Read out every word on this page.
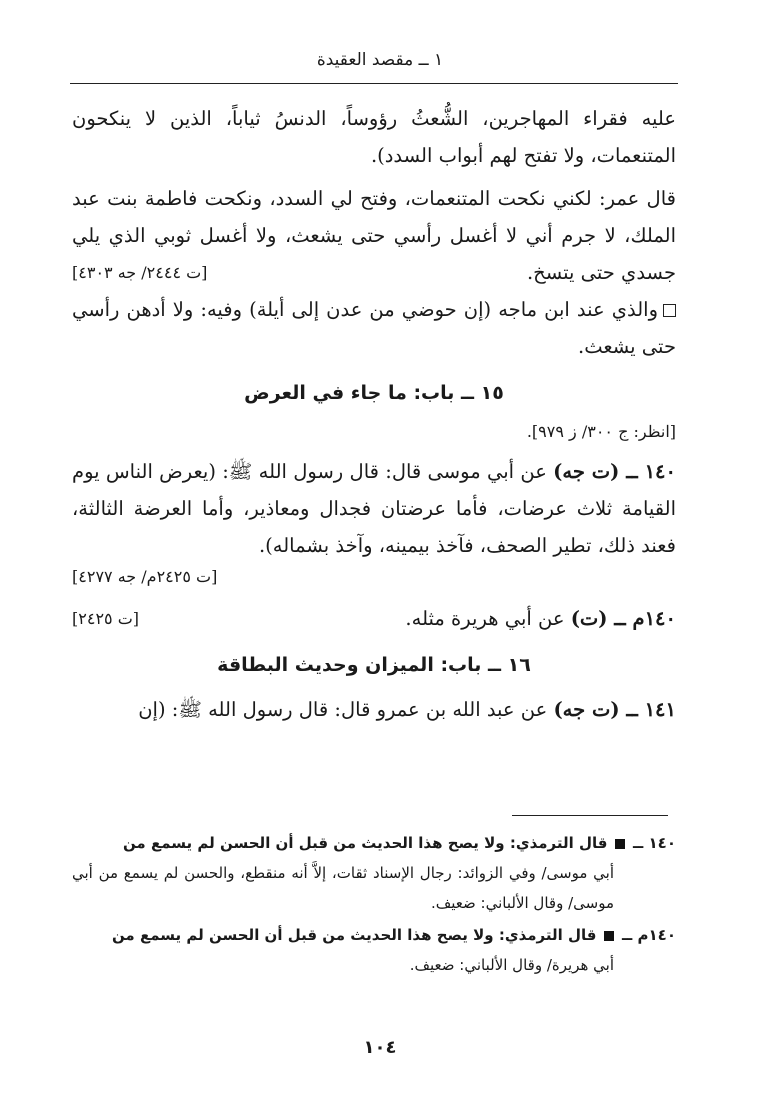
١ ــ مقصد العقيدة

عليه فقراء المهاجرين، الشُّعثُ رؤوساً، الدنسُ ثياباً، الذين لا ينكحون المتنعمات، ولا تفتح لهم أبواب السدد).

قال عمر: لكني نكحت المتنعمات، وفتح لي السدد، ونكحت فاطمة بنت عبد الملك، لا جرم أني لا أغسل رأسي حتى يشعث، ولا أغسل ثوبي الذي يلي جسدي حتى يتسخ.
[ت ٢٤٤٤/ جه ٤٣٠٣]

والذي عند ابن ماجه (إن حوضي من عدن إلى أيلة) وفيه: ولا أدهن رأسي حتى يشعث.

١٥ ــ باب: ما جاء في العرض
[انظر: ج ٣٠٠/ ز ٩٧٩].

١٤٠ ــ (ت جه) عن أبي موسى قال: قال رسول الله ﷺ: (يعرض الناس يوم القيامة ثلاث عرضات، فأما عرضتان فجدال ومعاذير، وأما العرضة الثالثة، فعند ذلك، تطير الصحف، فآخذ بيمينه، وآخذ بشماله).

[ت ٢٤٢٥م/ جه ٤٢٧٧]

١٤٠م ــ (ت) عن أبي هريرة مثله.
[ت ٢٤٢٥]

١٦ ــ باب: الميزان وحديث البطاقة

١٤١ ــ (ت جه) عن عبد الله بن عمرو قال: قال رسول الله ﷺ: (إن

١٤٠ ــ  قال الترمذي: ولا يصح هذا الحديث من قبل أن الحسن لم يسمع من
أبي موسى/ وفي الزوائد: رجال الإسناد ثقات، إلاَّ أنه منقطع، والحسن لم يسمع من أبي موسى/ وقال الألباني: ضعيف.
١٤٠م ــ  قال الترمذي: ولا يصح هذا الحديث من قبل أن الحسن لم يسمع من
أبي هريرة/ وقال الألباني: ضعيف.
١٠٤
